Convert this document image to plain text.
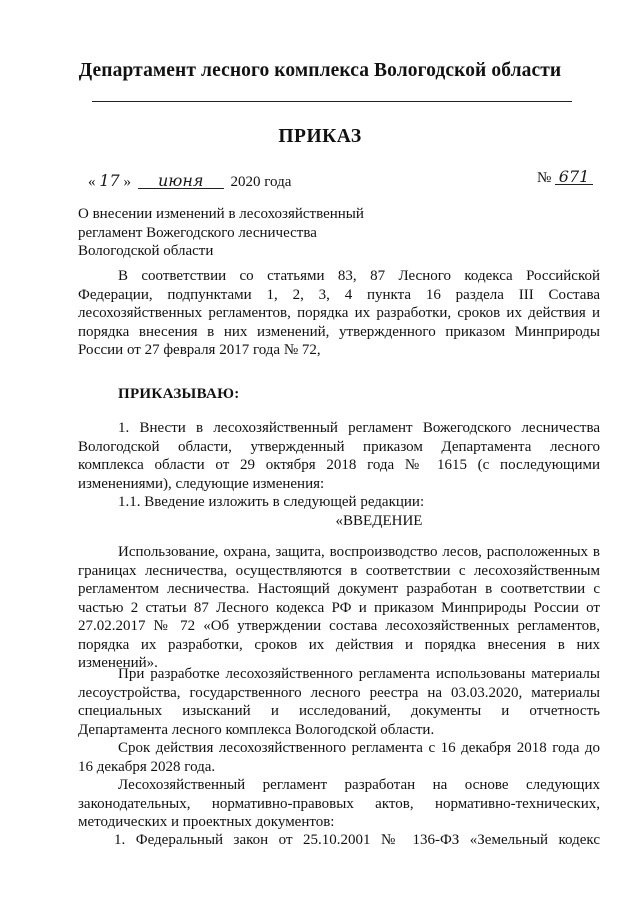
Департамент лесного комплекса Вологодской области
ПРИКАЗ
« 17 » июня 2020 года	№ 671
О внесении изменений в лесохозяйственный
регламент Вожегодского лесничества
Вологодской области
В соответствии со статьями 83, 87 Лесного кодекса Российской
Федерации, подпунктами 1, 2, 3, 4 пункта 16 раздела III Состава
лесохозяйственных регламентов, порядка их разработки, сроков их действия и
порядка внесения в них изменений, утвержденного приказом Минприроды
России от 27 февраля 2017 года № 72,
ПРИКАЗЫВАЮ:
1. Внести в лесохозяйственный регламент Вожегодского лесничества
Вологодской области, утвержденный приказом Департамента лесного
комплекса области от 29 октября 2018 года № 1615 (с последующими
изменениями), следующие изменения:
1.1. Введение изложить в следующей редакции:
«ВВЕДЕНИЕ
Использование, охрана, защита, воспроизводство лесов, расположенных в
границах лесничества, осуществляются в соответствии с лесохозяйственным
регламентом лесничества. Настоящий документ разработан в соответствии с
частью 2 статьи 87 Лесного кодекса РФ и приказом Минприроды России от
27.02.2017 № 72 «Об утверждении состава лесохозяйственных регламентов,
порядка их разработки, сроков их действия и порядка внесения в них
изменений».
При разработке лесохозяйственного регламента использованы материалы
лесоустройства, государственного лесного реестра на 03.03.2020, материалы
специальных изысканий и исследований, документы и отчетность
Департамента лесного комплекса Вологодской области.
Срок действия лесохозяйственного регламента с 16 декабря 2018 года до
16 декабря 2028 года.
Лесохозяйственный регламент разработан на основе следующих
законодательных, нормативно-правовых актов, нормативно-технических,
методических и проектных документов:
1. Федеральный закон от 25.10.2001 № 136-ФЗ «Земельный кодекс
